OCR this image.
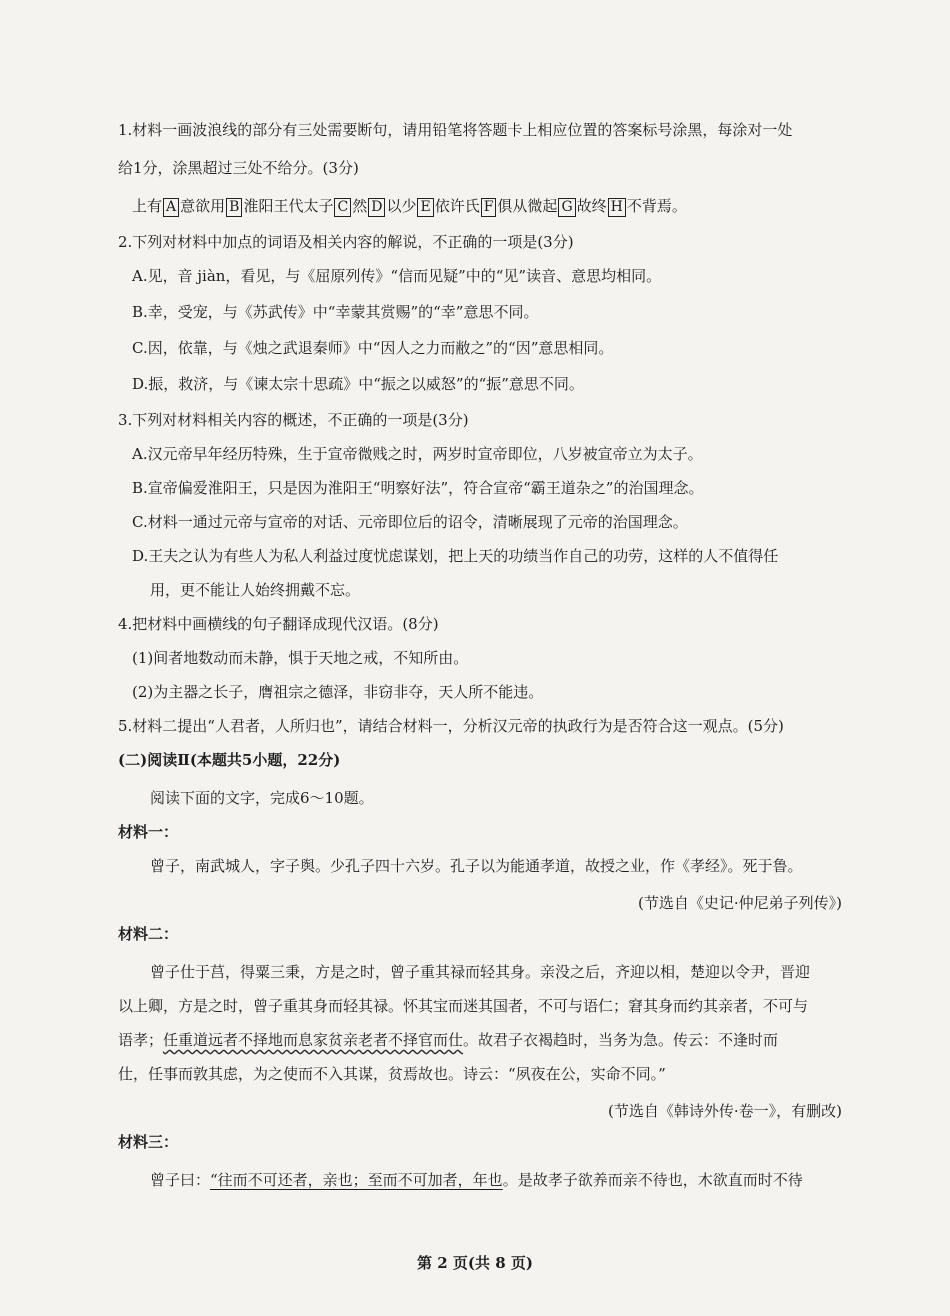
1.材料一画波浪线的部分有三处需要断句，请用铅笔将答题卡上相应位置的答案标号涂黑，每涂对一处
给1分，涂黑超过三处不给分。(3分)
上有 A 意欲用 B 淮阳王代太子 C 然 D 以少 E 依许氏 F 俱从微起 G 故终 H 不背焉。
2.下列对材料中加点的词语及相关内容的解说，不正确的一项是(3分)
A.见，音 jiàn，看见，与《屈原列传》“信而见疑”中的“见”读音、意思均相同。
B.幸，受宠，与《苏武传》中“幸蒙其赏赐”的“幸”意思不同。
C.因，依靠，与《烛之武退秦师》中“因人之力而敝之”的“因”意思相同。
D.振，救济，与《谏太宗十思疏》中“振之以威怒”的“振”意思不同。
3.下列对材料相关内容的概述，不正确的一项是(3分)
A.汉元帝早年经历特殊，生于宣帝微贱之时，两岁时宣帝即位，八岁被宣帝立为太子。
B.宣帝偏爱淮阳王，只是因为淮阳王“明察好法”，符合宣帝“霸王道杂之”的治国理念。
C.材料一通过元帝与宣帝的对话、元帝即位后的诏令，清晰展现了元帝的治国理念。
D.王夫之认为有些人为私人利益过度忧虑谋划，把上天的功绩当作自己的功劳，这样的人不值得任
用，更不能让人始终拥戴不忘。
4.把材料中画横线的句子翻译成现代汉语。(8分)
(1)间者地数动而未静，惧于天地之戒，不知所由。
(2)为主器之长子，膺祖宗之德泽，非窃非夺，天人所不能违。
5.材料二提出“人君者，人所归也”，请结合材料一，分析汉元帝的执政行为是否符合这一观点。(5分)
(二)阅读Ⅱ(本题共5小题，22分)
阅读下面的文字，完成6～10题。
材料一：
曾子，南武城人，字子舆。少孔子四十六岁。孔子以为能通孝道，故授之业，作《孝经》。死于鲁。
(节选自《史记·仲尼弟子列传》)
材料二：
曾子仕于莒，得粟三秉，方是之时，曾子重其禄而轻其身。亲没之后，齐迎以相，楚迎以令尹，晋迎
以上卿，方是之时，曾子重其身而轻其禄。怀其宝而迷其国者，不可与语仁；窘其身而约其亲者，不可与
语孝；任重道远者不择地而息家贫亲老者不择官而仕。故君子衣褐趋时，当务为急。传云：不逢时而
仕，任事而敦其虑，为之使而不入其谋，贫焉故也。诗云：“夙夜在公，实命不同。”
(节选自《韩诗外传·卷一》，有删改)
材料三：
曾子曰：“往而不可还者，亲也；至而不可加者，年也。是故孝子欲养而亲不待也，木欲直而时不待
第 2 页(共 8 页)
